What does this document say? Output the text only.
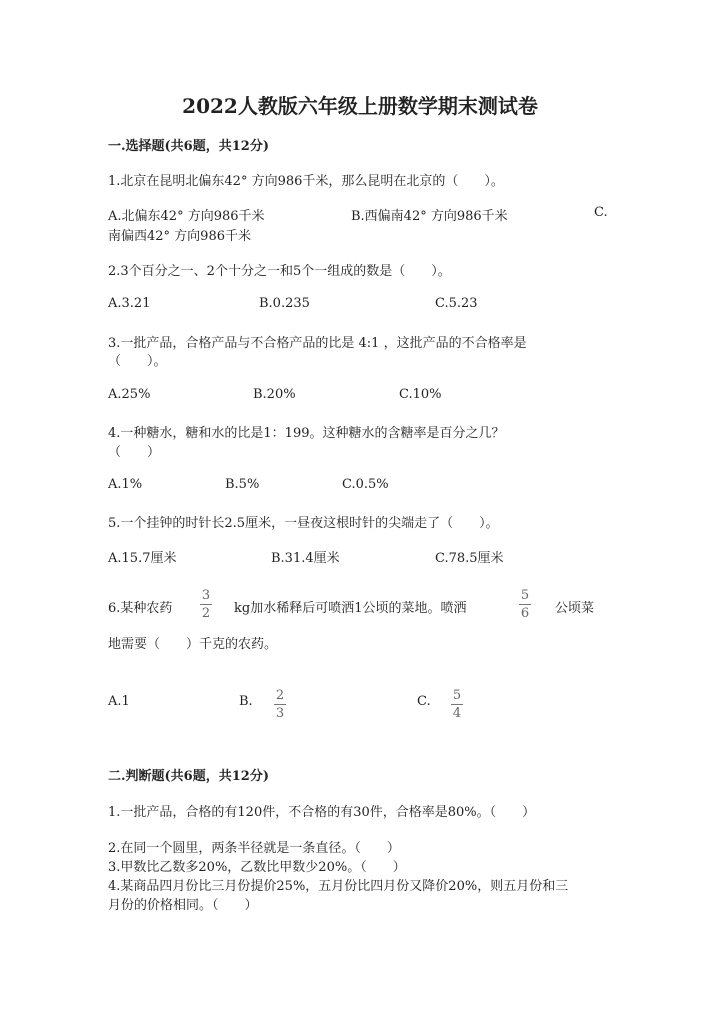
2022人教版六年级上册数学期末测试卷
一.选择题(共6题，共12分)
1.北京在昆明北偏东42° 方向986千米，那么昆明在北京的（　　）。
A.北偏东42° 方向986千米	B.西偏南42° 方向986千米	C.
南偏西42° 方向986千米
2.3个百分之一、2个十分之一和5个一组成的数是（　　）。
A.3.21	B.0.235	C.5.23
3.一批产品，合格产品与不合格产品的比是 4:1 ，这批产品的不合格率是
（　　）。
A.25%	B.20%	C.10%
4.一种糖水，糖和水的比是1：199。这种糖水的含糖率是百分之几？
（　　）
A.1%	B.5%	C.0.5%
5.一个挂钟的时针长2.5厘米，一昼夜这根时针的尖端走了（　　）。
A.15.7厘米	B.31.4厘米	C.78.5厘米
6.某种农药
3
2 kg加水稀释后可喷洒1公顷的菜地。喷洒
5
6 公顷菜
地需要（　　）千克的农药。
A.1	B. 2
3
C. 5
4
二.判断题(共6题，共12分)
1.一批产品，合格的有120件，不合格的有30件，合格率是80%。（　　）
2.在同一个圆里，两条半径就是一条直径。（　　）
3.甲数比乙数多20%，乙数比甲数少20%。（　　）
4.某商品四月份比三月份提价25%，五月份比四月份又降价20%，则五月份和三
月份的价格相同。（　　）
